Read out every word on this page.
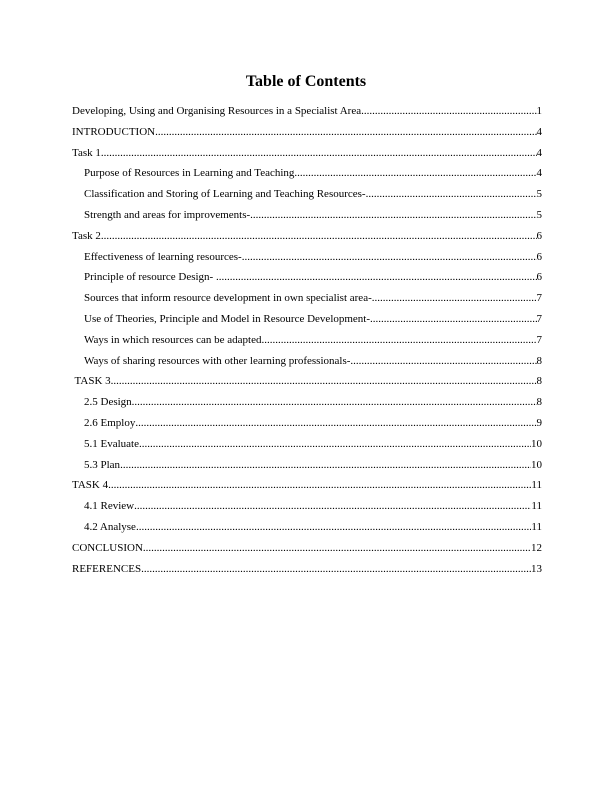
Table of Contents
Developing, Using and Organising Resources in a Specialist Area .....	1
INTRODUCTION .....	4
Task 1 .....	4
Purpose of Resources in Learning and Teaching .....	4
Classification and Storing of Learning and Teaching Resources- .....	5
Strength and areas for improvements- .....	5
Task 2 .....	6
Effectiveness of learning resources- .....	6
Principle of resource Design- .....	6
Sources that inform resource development in own specialist area- .....	7
Use of Theories, Principle and Model in Resource Development- .....	7
Ways in which resources can be adapted .....	7
Ways of sharing resources with other learning professionals- .....	8
TASK 3 .....	8
2.5 Design .....	8
2.6 Employ .....	9
5.1 Evaluate .....	10
5.3 Plan .....	10
TASK 4 .....	11
4.1 Review .....	11
4.2 Analyse .....	11
CONCLUSION .....	12
REFERENCES .....	13
